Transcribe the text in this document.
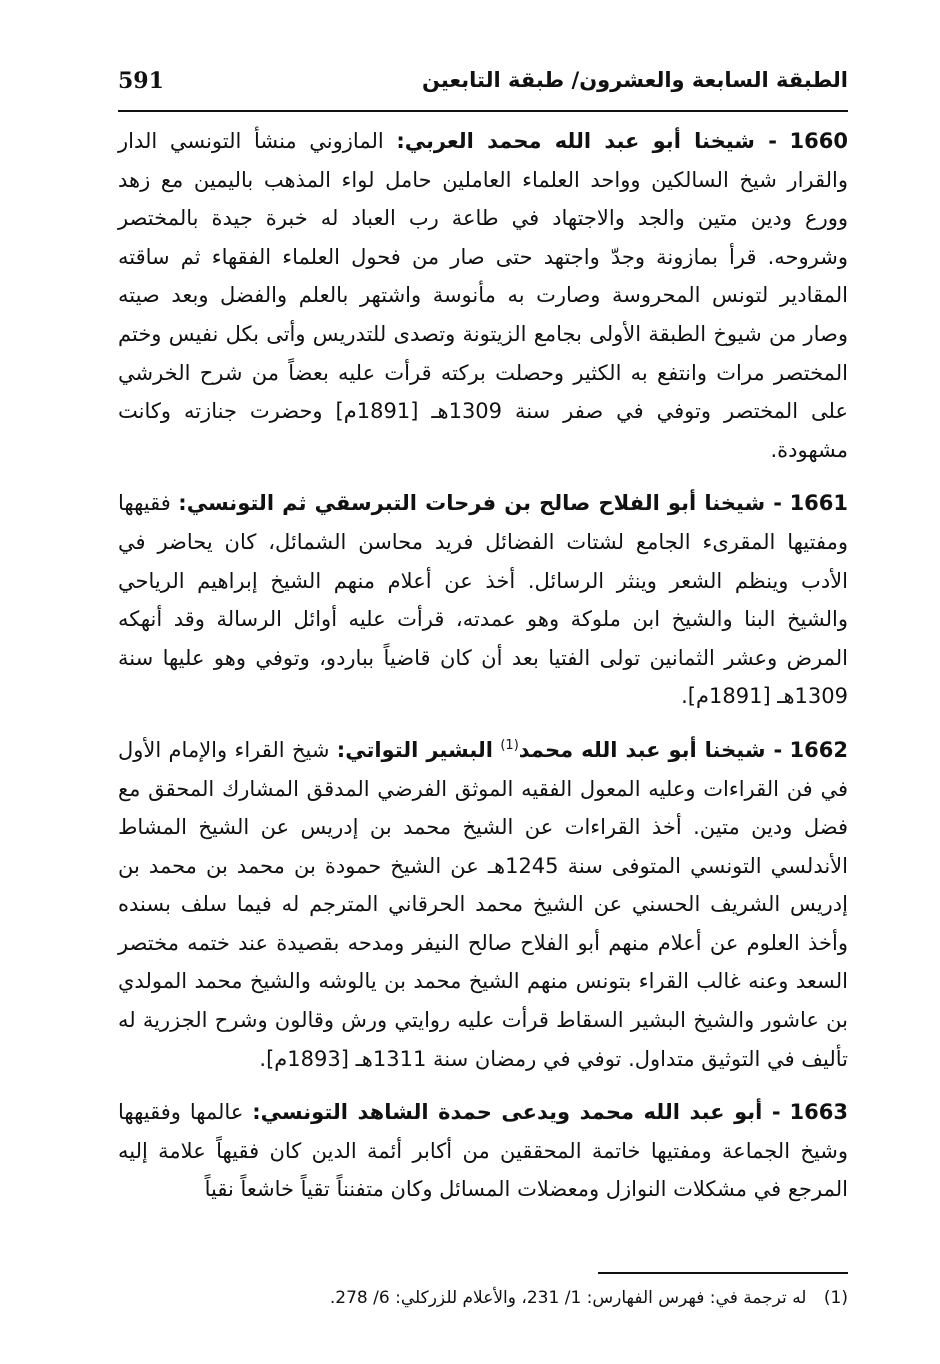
591	الطبقة السابعة والعشرون/ طبقة التابعين

1660 - شيخنا أبو عبد الله محمد العربي: المازوني منشأ التونسي الدار والقرار شيخ السالكين وواحد العلماء العاملين حامل لواء المذهب باليمين مع زهد وورع ودين متين والجد والاجتهاد في طاعة رب العباد له خبرة جيدة بالمختصر وشروحه. قرأ بمازونة وجدّ واجتهد حتى صار من فحول العلماء الفقهاء ثم ساقته المقادير لتونس المحروسة وصارت به مأنوسة واشتهر بالعلم والفضل وبعد صيته وصار من شيوخ الطبقة الأولى بجامع الزيتونة وتصدى للتدريس وأتى بكل نفيس وختم المختصر مرات وانتفع به الكثير وحصلت بركته قرأت عليه بعضاً من شرح الخرشي على المختصر وتوفي في صفر سنة 1309هـ [1891م] وحضرت جنازته وكانت مشهودة.

1661 - شيخنا أبو الفلاح صالح بن فرحات التبرسقي ثم التونسي: فقيهها ومفتيها المقرىء الجامع لشتات الفضائل فريد محاسن الشمائل، كان يحاضر في الأدب وينظم الشعر وينثر الرسائل. أخذ عن أعلام منهم الشيخ إبراهيم الرياحي والشيخ البنا والشيخ ابن ملوكة وهو عمدته، قرأت عليه أوائل الرسالة وقد أنهكه المرض وعشر الثمانين تولى الفتيا بعد أن كان قاضياً بباردو، وتوفي وهو عليها سنة 1309هـ [1891م].

1662 - شيخنا أبو عبد الله محمد$^{(1)}$ البشير التواتي: شيخ القراء والإمام الأول في فن القراءات وعليه المعول الفقيه الموثق الفرضي المدقق المشارك المحقق مع فضل ودين متين. أخذ القراءات عن الشيخ محمد بن إدريس عن الشيخ المشاط الأندلسي التونسي المتوفى سنة 1245هـ عن الشيخ حمودة بن محمد بن محمد بن إدريس الشريف الحسني عن الشيخ محمد الحرقاني المترجم له فيما سلف بسنده وأخذ العلوم عن أعلام منهم أبو الفلاح صالح النيفر ومدحه بقصيدة عند ختمه مختصر السعد وعنه غالب القراء بتونس منهم الشيخ محمد بن يالوشه والشيخ محمد المولدي بن عاشور والشيخ البشير السقاط قرأت عليه روايتي ورش وقالون وشرح الجزرية له تأليف في التوثيق متداول. توفي في رمضان سنة 1311هـ [1893م].

1663 - أبو عبد الله محمد ويدعى حمدة الشاهد التونسي: عالمها وفقيهها وشيخ الجماعة ومفتيها خاتمة المحققين من أكابر أئمة الدين كان فقيهاً علامة إليه المرجع في مشكلات النوازل ومعضلات المسائل وكان متفنناً تقياً خاشعاً نقياً

(1) له ترجمة في: فهرس الفهارس: 1/ 231، والأعلام للزركلي: 6/ 278.
